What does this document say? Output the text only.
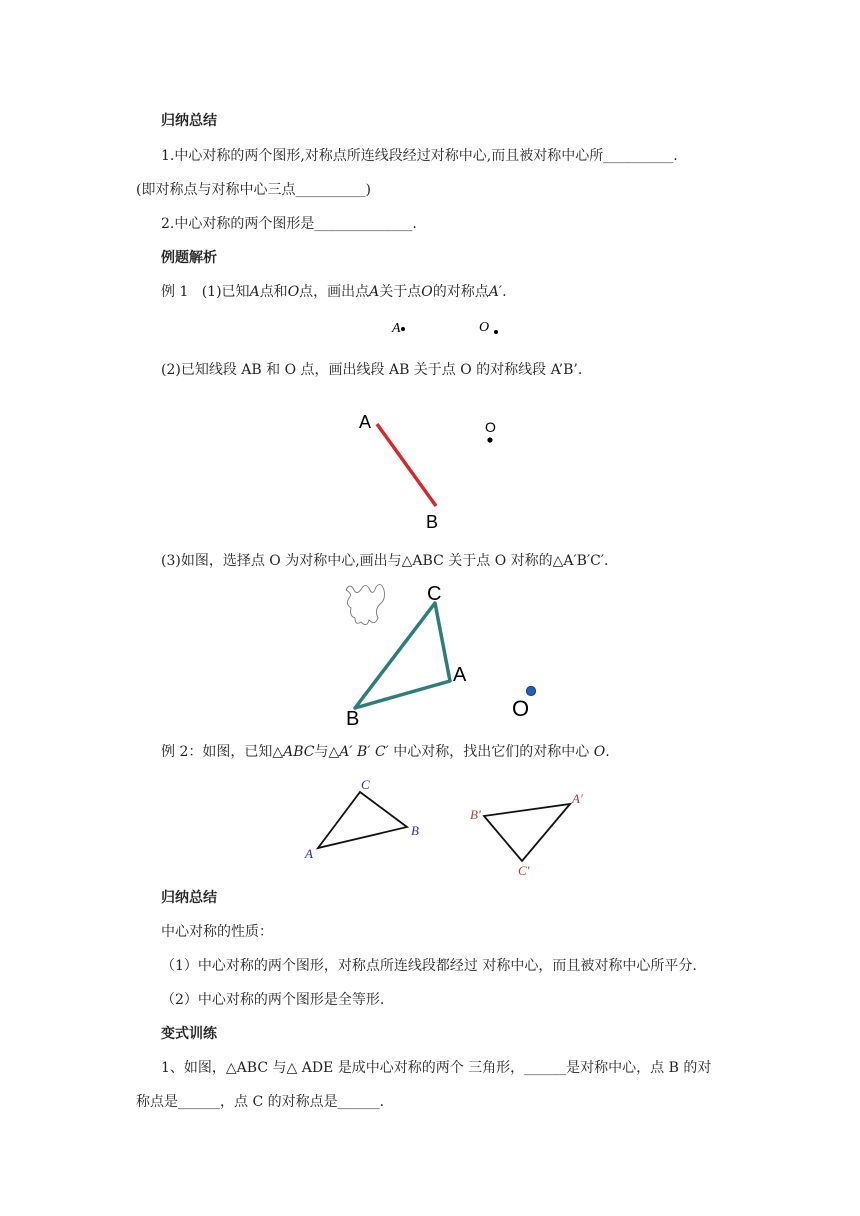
归纳总结
1.中心对称的两个图形,对称点所连线段经过对称中心,而且被对称中心所__________.
(即对称点与对称中心三点__________)
2.中心对称的两个图形是______________.
例题解析
例 1 (1)已知A点和O点，画出点A关于点O的对称点A′.
A	O
(2)已知线段 AB 和 O 点，画出线段 AB 关于点 O 的对称线段 A’B’.
A
B
O
(3)如图，选择点 O 为对称中心,画出与△ABC 关于点 O 对称的△A′B′C′.
C
A
B	O
例 2：如图，已知△ABC与△A′ B′ C′ 中心对称，找出它们的对称中心 O.
C
B
A
A′
B′
C′
归纳总结
中心对称的性质：
（1）中心对称的两个图形，对称点所连线段都经过 对称中心，而且被对称中心所平分.
（2）中心对称的两个图形是全等形.
变式训练
1、如图，△ABC 与△ ADE 是成中心对称的两个 三角形，______是对称中心，点 B 的对
称点是______，点 C 的对称点是______.
